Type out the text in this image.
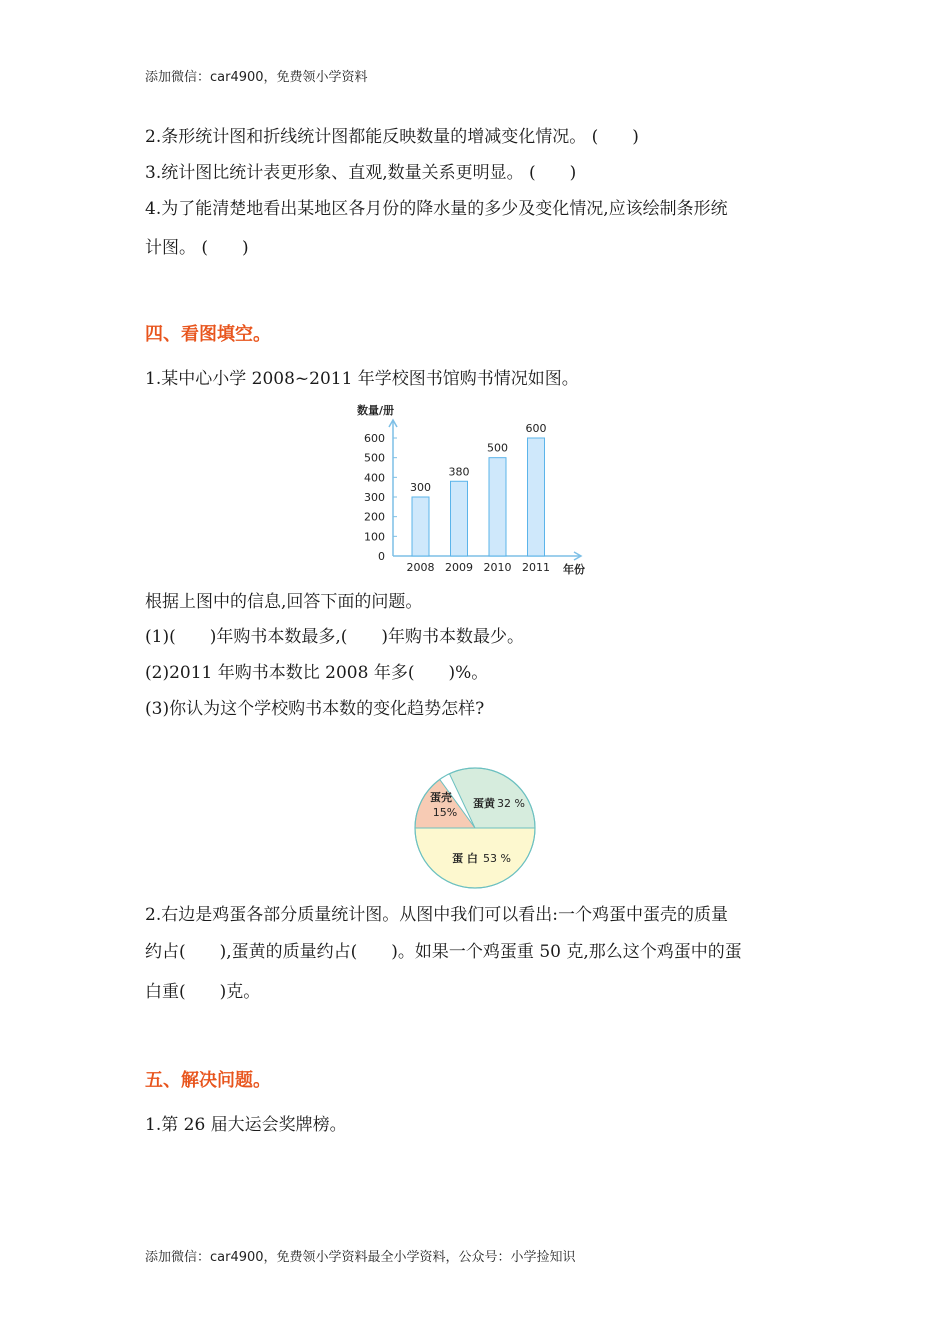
添加微信：car4900，免费领小学资料
2.条形统计图和折线统计图都能反映数量的增减变化情况。 (　　)
3.统计图比统计表更形象、直观,数量关系更明显。 (　　)
4.为了能清楚地看出某地区各月份的降水量的多少及变化情况,应该绘制条形统
计图。 (　　)
四、看图填空。
1.某中心小学 2008~2011 年学校图书馆购书情况如图。
数量/册
0
100
200
300
400
500
600
300
2008
380
2009
500
2010
600
2011 年份
根据上图中的信息,回答下面的问题。
(1)(　　)年购书本数最多,(　　)年购书本数最少。
(2)2011 年购书本数比 2008 年多(　　)%。
(3)你认为这个学校购书本数的变化趋势怎样?
蛋壳
15%
蛋黄 32 %
蛋 白 53 %
2.右边是鸡蛋各部分质量统计图。从图中我们可以看出:一个鸡蛋中蛋壳的质量
约占(　　),蛋黄的质量约占(　　)。如果一个鸡蛋重 50 克,那么这个鸡蛋中的蛋
白重(　　)克。
五、解决问题。
1.第 26 届大运会奖牌榜。
添加微信：car4900，免费领小学资料最全小学资料，公众号：小学捡知识
